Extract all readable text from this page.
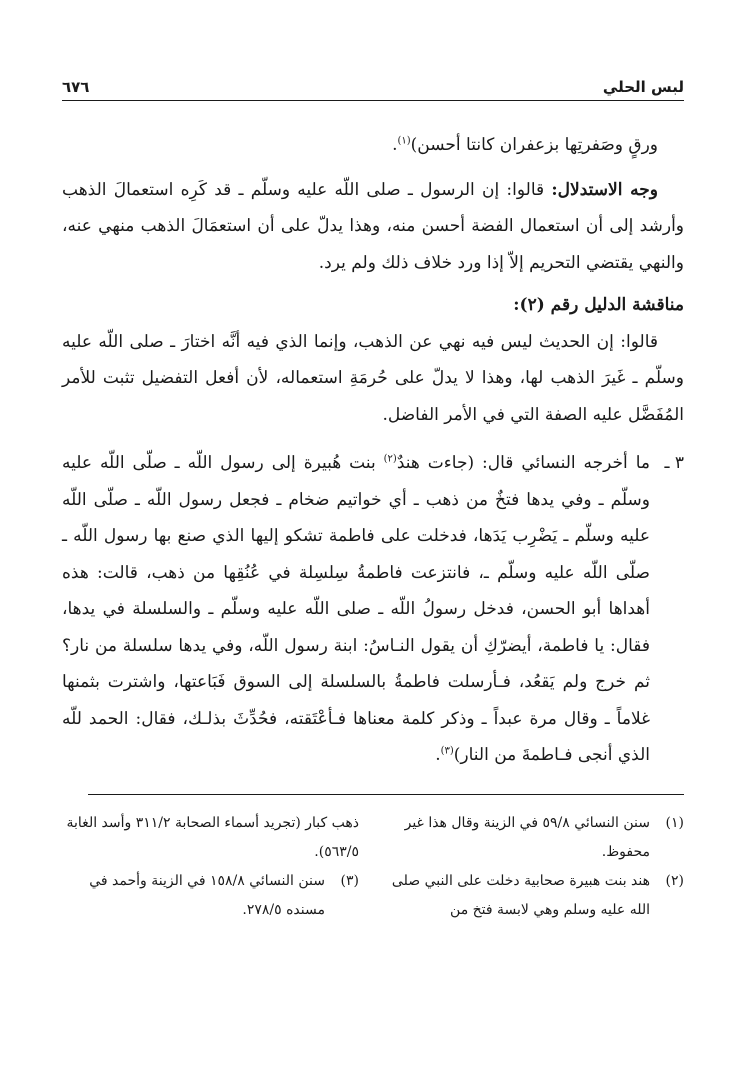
لبس الحلي
٦٧٦

ورقٍ وصَفرتِها بزعفران كانتا أحسن)$^{(١)}$.

وجه الاستدلال: قالوا: إن الرسول ـ صلى اللّه عليه وسلّم ـ قد كَرِه استعمالَ الذهب وأرشد إلى أن استعمال الفضة أحسن منه، وهذا يدلّ على أن استعمَالَ الذهب منهي عنه، والنهي يقتضي التحريم إلاّ إذا ورد خلاف ذلك ولم يرد.

مناقشة الدليل رقم (٢):

قالوا: إن الحديث ليس فيه نهي عن الذهب، وإنما الذي فيه أنَّه اختارَ ـ صلى اللّه عليه وسلّم ـ غَيرَ الذهب لها، وهذا لا يدلّ على حُرمَةِ استعماله، لأن أفعل التفضيل تثبت للأمر المُفَضَّل عليه الصفة التي في الأمر الفاضل.

٣ ـ

ما أخرجه النسائي قال: (جاءت هندٌ$^{(٢)}$ بنت هُبيرة إلى رسول اللّه ـ صلّى اللّه عليه وسلّم ـ وفي يدها فتخٌ من ذهب ـ أي خواتيم ضخام ـ فجعل رسول اللّه ـ صلّى اللّه عليه وسلّم ـ يَضْرِب يَدَها، فدخلت على فاطمة تشكو إليها الذي صنع بها رسول اللّه ـ صلّى اللّه عليه وسلّم ـ، فانتزعت فاطمةُ سِلسِلة في عُنُقِها من ذهب، قالت: هذه أهداها أبو الحسن، فدخل رسولُ اللّه ـ صلى اللّه عليه وسلّم ـ والسلسلة في يدها، فقال: يا فاطمة، أيضرّكِ أن يقول النـاسُ: ابنة رسول اللّه، وفي يدها سلسلة من نار؟ ثم خرج ولم يَقعُد، فـأرسلت فاطمةُ بالسلسلة إلى السوق فَبَاعتها، واشترت بثمنها غلاماً ـ وقال مرة عبداً ـ وذكر كلمة معناها فـأعْتَقته، فحُدِّثَ بذلـك، فقال: الحمد للّه الذي أنجى فـاطمةَ من النار)$^{(٣)}$.

(١)
سنن النسائي ٥٩/٨ في الزينة وقال هذا غير محفوظ.
(٢)
هند بنت هبيرة صحابية دخلت على النبي صلى الله عليه وسلم وهي لابسة فتخ من
ذهب كبار (تجريد أسماء الصحابة ٣١١/٢ وأسد الغابة ٥٦٣/٥).
(٣)
سنن النسائي ١٥٨/٨ في الزينة وأحمد في مسنده ٢٧٨/٥.
